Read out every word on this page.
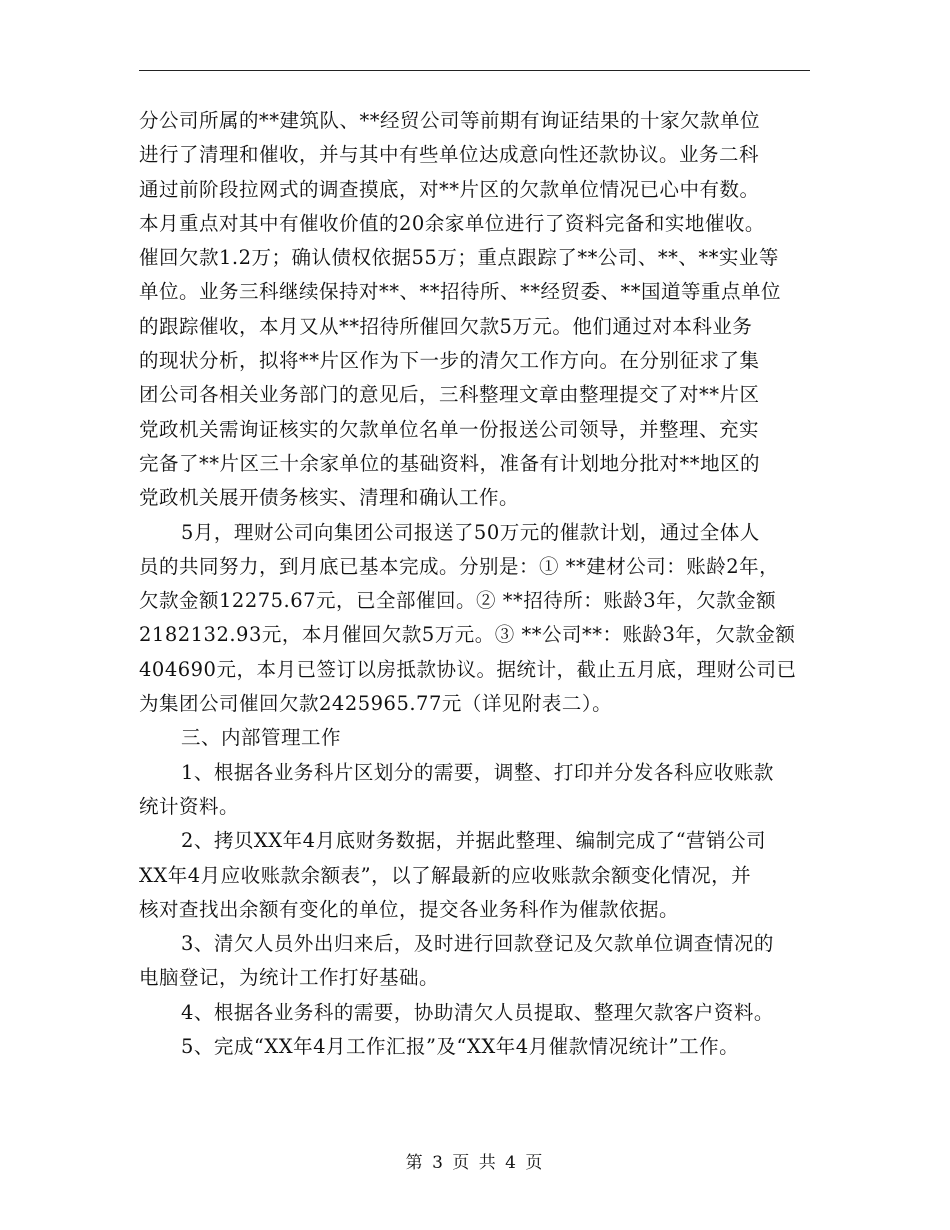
分公司所属的**建筑队、**经贸公司等前期有询证结果的十家欠款单位
进行了清理和催收，并与其中有些单位达成意向性还款协议。业务二科
通过前阶段拉网式的调查摸底，对**片区的欠款单位情况已心中有数。
本月重点对其中有催收价值的20余家单位进行了资料完备和实地催收。
催回欠款1.2万；确认债权依据55万；重点跟踪了**公司、**、**实业等
单位。业务三科继续保持对**、**招待所、**经贸委、**国道等重点单位
的跟踪催收，本月又从**招待所催回欠款5万元。他们通过对本科业务
的现状分析，拟将**片区作为下一步的清欠工作方向。在分别征求了集
团公司各相关业务部门的意见后，三科整理文章由整理提交了对**片区
党政机关需询证核实的欠款单位名单一份报送公司领导，并整理、充实
完备了**片区三十余家单位的基础资料，准备有计划地分批对**地区的
党政机关展开债务核实、清理和确认工作。
5月，理财公司向集团公司报送了50万元的催款计划，通过全体人
员的共同努力，到月底已基本完成。分别是：① **建材公司：账龄2年，
欠款金额12275.67元，已全部催回。② **招待所：账龄3年，欠款金额
2182132.93元，本月催回欠款5万元。③ **公司**：账龄3年，欠款金额
404690元，本月已签订以房抵款协议。据统计，截止五月底，理财公司已
为集团公司催回欠款2425965.77元（详见附表二）。
三、内部管理工作
1、根据各业务科片区划分的需要，调整、打印并分发各科应收账款
统计资料。
2、拷贝XX年4月底财务数据，并据此整理、编制完成了“营销公司
XX年4月应收账款余额表”，以了解最新的应收账款余额变化情况，并
核对查找出余额有变化的单位，提交各业务科作为催款依据。
3、清欠人员外出归来后，及时进行回款登记及欠款单位调查情况的
电脑登记，为统计工作打好基础。
4、根据各业务科的需要，协助清欠人员提取、整理欠款客户资料。
5、完成“XX年4月工作汇报”及“XX年4月催款情况统计”工作。
第 3 页 共 4 页
